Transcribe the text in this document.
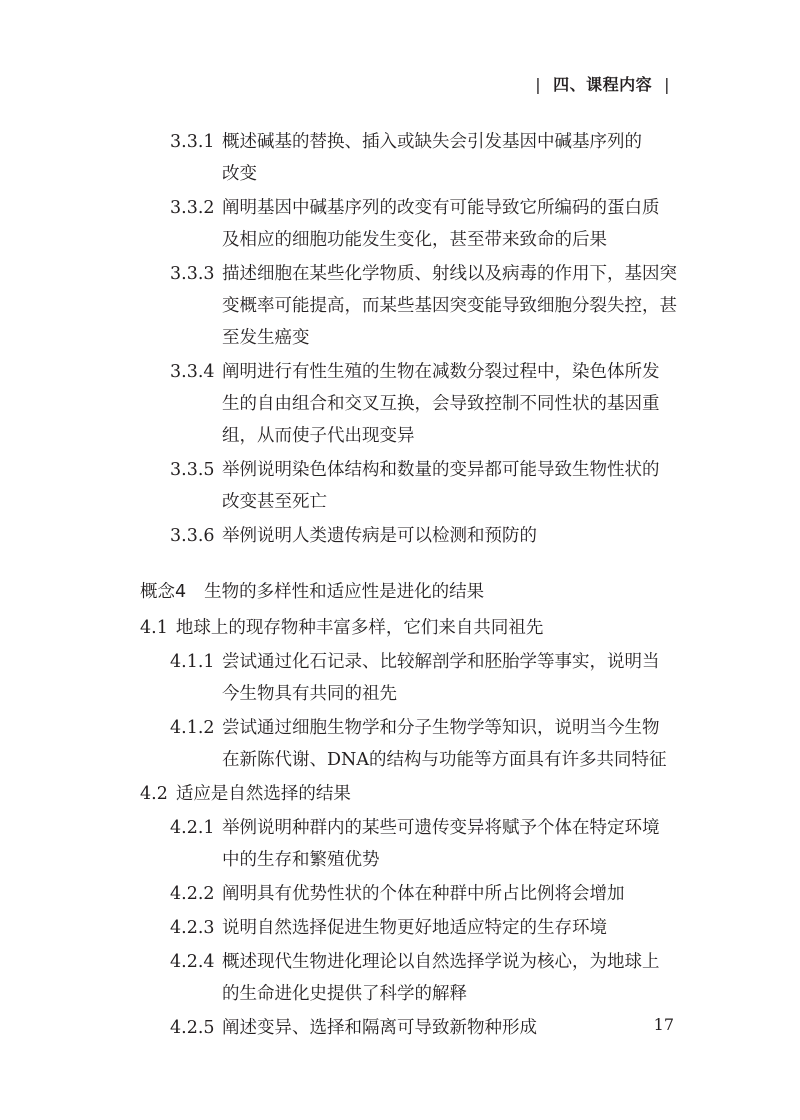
| 四、课程内容 |
3.3.1 概述碱基的替换、插入或缺失会引发基因中碱基序列的
改变
3.3.2 阐明基因中碱基序列的改变有可能导致它所编码的蛋白质
及相应的细胞功能发生变化，甚至带来致命的后果
3.3.3 描述细胞在某些化学物质、射线以及病毒的作用下，基因突
变概率可能提高，而某些基因突变能导致细胞分裂失控，甚
至发生癌变
3.3.4 阐明进行有性生殖的生物在减数分裂过程中，染色体所发
生的自由组合和交叉互换，会导致控制不同性状的基因重
组，从而使子代出现变异
3.3.5 举例说明染色体结构和数量的变异都可能导致生物性状的
改变甚至死亡
3.3.6 举例说明人类遗传病是可以检测和预防的
概念4 生物的多样性和适应性是进化的结果
4.1 地球上的现存物种丰富多样，它们来自共同祖先
4.1.1 尝试通过化石记录、比较解剖学和胚胎学等事实，说明当
今生物具有共同的祖先
4.1.2 尝试通过细胞生物学和分子生物学等知识，说明当今生物
在新陈代谢、DNA的结构与功能等方面具有许多共同特征
4.2 适应是自然选择的结果
4.2.1 举例说明种群内的某些可遗传变异将赋予个体在特定环境
中的生存和繁殖优势
4.2.2 阐明具有优势性状的个体在种群中所占比例将会增加
4.2.3 说明自然选择促进生物更好地适应特定的生存环境
4.2.4 概述现代生物进化理论以自然选择学说为核心，为地球上
的生命进化史提供了科学的解释
4.2.5 阐述变异、选择和隔离可导致新物种形成	17
